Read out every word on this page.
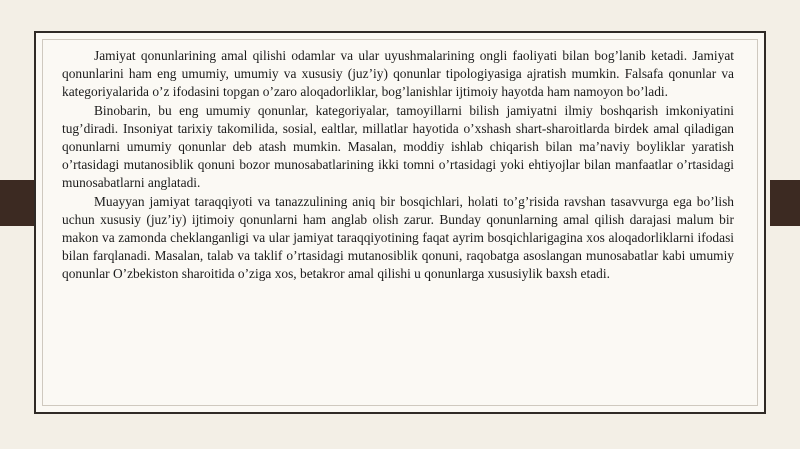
Jamiyat qonunlarining amal qilishi odamlar va ular uyushmalarining ongli faoliyati bilan bog’lanib ketadi. Jamiyat qonunlarini ham eng umumiy, umumiy va xususiy (juz’iy) qonunlar tipologiyasiga ajratish mumkin. Falsafa qonunlar va kategoriyalarida o’z ifodasini topgan o’zaro aloqadorliklar, bog’lanishlar ijtimoiy hayotda ham namoyon bo’ladi.

Binobarin, bu eng umumiy qonunlar, kategoriyalar, tamoyillarni bilish jamiyatni ilmiy boshqarish imkoniyatini tug’diradi. Insoniyat tarixiy takomilida, sosial, ealtlar, millatlar hayotida o’xshash shart-sharoitlarda birdek amal qiladigan qonunlarni umumiy qonunlar deb atash mumkin. Masalan, moddiy ishlab chiqarish bilan ma’naviy boyliklar yaratish o’rtasidagi mutanosiblik qonuni bozor munosabatlarining ikki tomni o’rtasidagi yoki ehtiyojlar bilan manfaatlar o’rtasidagi munosabatlarni anglatadi.

Muayyan jamiyat taraqqiyoti va tanazzulining aniq bir bosqichlari, holati to’g’risida ravshan tasavvurga ega bo’lish uchun xususiy (juz’iy) ijtimoiy qonunlarni ham anglab olish zarur. Bunday qonunlarning amal qilish darajasi malum bir makon va zamonda cheklanganligi va ular jamiyat taraqqiyotining faqat ayrim bosqichlarigagina xos aloqadorliklarni ifodasi bilan farqlanadi. Masalan, talab va taklif o’rtasidagi mutanosiblik qonuni, raqobatga asoslangan munosabatlar kabi umumiy qonunlar O’zbekiston sharoitida o’ziga xos, betakror amal qilishi u qonunlarga xususiylik baxsh etadi.
